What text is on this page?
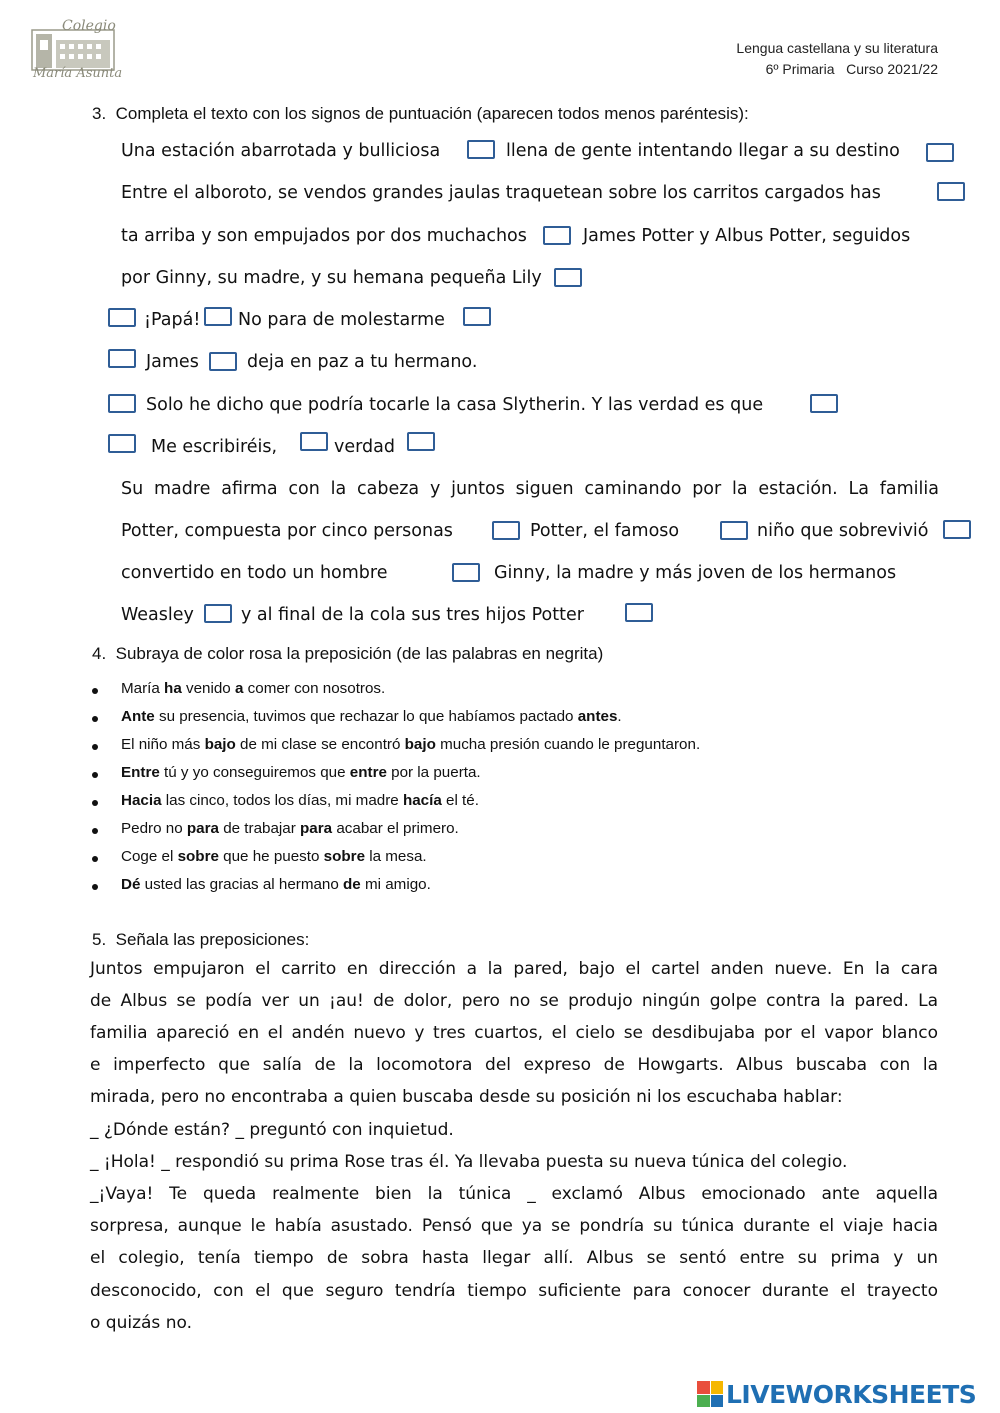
Colegio
María Asunta
Lengua castellana y su literatura
6º Primaria   Curso 2021/22
3.  Completa el texto con los signos de puntuación (aparecen todos menos paréntesis):
Una estación abarrotada y bulliciosa	llena de gente intentando llegar a su destino
Entre el alboroto, se vendos grandes jaulas traquetean sobre los carritos cargados has
ta arriba y son empujados por dos muchachos	James Potter y Albus Potter, seguidos
por Ginny, su madre, y su hemana pequeña Lily
¡Papá! No para de molestarme
James	deja en paz a tu hermano.
Solo he dicho que podría tocarle la casa Slytherin. Y las verdad es que
Me escribiréis,	verdad
Su madre afirma con la cabeza y juntos siguen caminando por la estación. La familia
Potter, compuesta por cinco personas	Potter, el famoso	niño que sobrevivió
convertido en todo un hombre	Ginny, la madre y más joven de los hermanos
Weasley	y al final de la cola sus tres hijos Potter
4.  Subraya de color rosa la preposición (de las palabras en negrita)
María ha venido a comer con nosotros.
Ante su presencia, tuvimos que rechazar lo que habíamos pactado antes.
El niño más bajo de mi clase se encontró bajo mucha presión cuando le preguntaron.
Entre tú y yo conseguiremos que entre por la puerta.
Hacia las cinco, todos los días, mi madre hacía el té.
Pedro no para de trabajar para acabar el primero.
Coge el sobre que he puesto sobre la mesa.
Dé usted las gracias al hermano de mi amigo.
5.  Señala las preposiciones:
Juntos empujaron el carrito en dirección a la pared, bajo el cartel anden nueve. En la cara
de Albus se podía ver un ¡au! de dolor, pero no se produjo ningún golpe contra la pared. La
familia apareció en el andén nuevo y tres cuartos, el cielo se desdibujaba por el vapor blanco
e imperfecto que salía de la locomotora del expreso de Howgarts. Albus buscaba con la
mirada, pero no encontraba a quien buscaba desde su posición ni los escuchaba hablar:
_ ¿Dónde están? _ preguntó con inquietud.
_ ¡Hola! _ respondió su prima Rose tras él. Ya llevaba puesta su nueva túnica del colegio.
_¡Vaya! Te queda realmente bien la túnica _ exclamó Albus emocionado ante aquella
sorpresa, aunque le había asustado. Pensó que ya se pondría su túnica durante el viaje hacia
el colegio, tenía tiempo de sobra hasta llegar allí. Albus se sentó entre su prima y un
desconocido, con el que seguro tendría tiempo suficiente para conocer durante el trayecto
o quizás no.
LIVEWORKSHEETS
